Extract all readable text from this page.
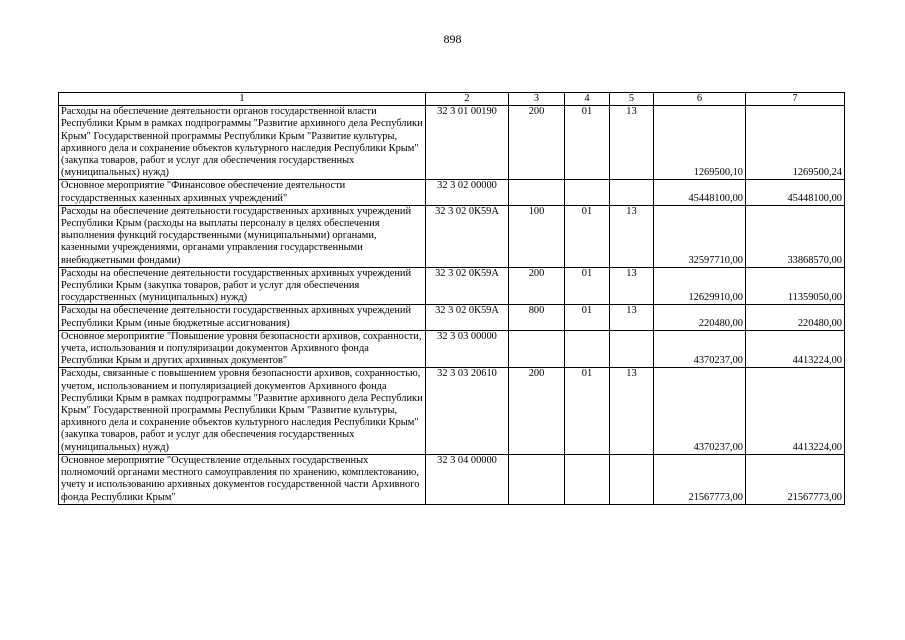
898
1	2	3	4	5	6	7
Расходы на обеспечение деятельности органов государственной власти Республики Крым в рамках подпрограммы "Развитие архивного дела Республики Крым" Государственной программы Республики Крым "Развитие культуры, архивного дела и сохранение объектов культурного наследия Республики Крым" (закупка товаров, работ и услуг для обеспечения государственных (муниципальных) нужд)	32 3 01 00190	200	01	13	1269500,10	1269500,24
Основное мероприятие "Финансовое обеспечение деятельности государственных казенных архивных учреждений"	32 3 02 00000				45448100,00	45448100,00
Расходы на обеспечение деятельности государственных архивных учреждений Республики Крым (расходы на выплаты персоналу в целях обеспечения выполнения функций государственными (муниципальными) органами, казенными учреждениями, органами управления государственными внебюджетными фондами)	32 3 02 0К59А	100	01	13	32597710,00	33868570,00
Расходы на обеспечение деятельности государственных архивных учреждений Республики Крым (закупка товаров, работ и услуг для обеспечения государственных (муниципальных) нужд)	32 3 02 0К59А	200	01	13	12629910,00	11359050,00
Расходы на обеспечение деятельности государственных архивных учреждений Республики Крым (иные бюджетные ассигнования)	32 3 02 0К59А	800	01	13	220480,00	220480,00
Основное мероприятие "Повышение уровня безопасности архивов, сохранности, учета, использования и популяризации документов Архивного фонда Республики Крым и других архивных документов"	32 3 03 00000				4370237,00	4413224,00
Расходы, связанные с повышением уровня безопасности архивов, сохранностью, учетом, использованием и популяризацией документов Архивного фонда Республики Крым в рамках подпрограммы "Развитие архивного дела Республики Крым" Государственной программы Республики Крым "Развитие культуры, архивного дела и сохранение объектов культурного наследия Республики Крым" (закупка товаров, работ и услуг для обеспечения государственных (муниципальных) нужд)	32 3 03 20610	200	01	13	4370237,00	4413224,00
Основное мероприятие "Осуществление отдельных государственных полномочий органами местного самоуправления по хранению, комплектованию, учету и использованию архивных документов государственной части Архивного фонда Республики Крым"	32 3 04 00000				21567773,00	21567773,00
